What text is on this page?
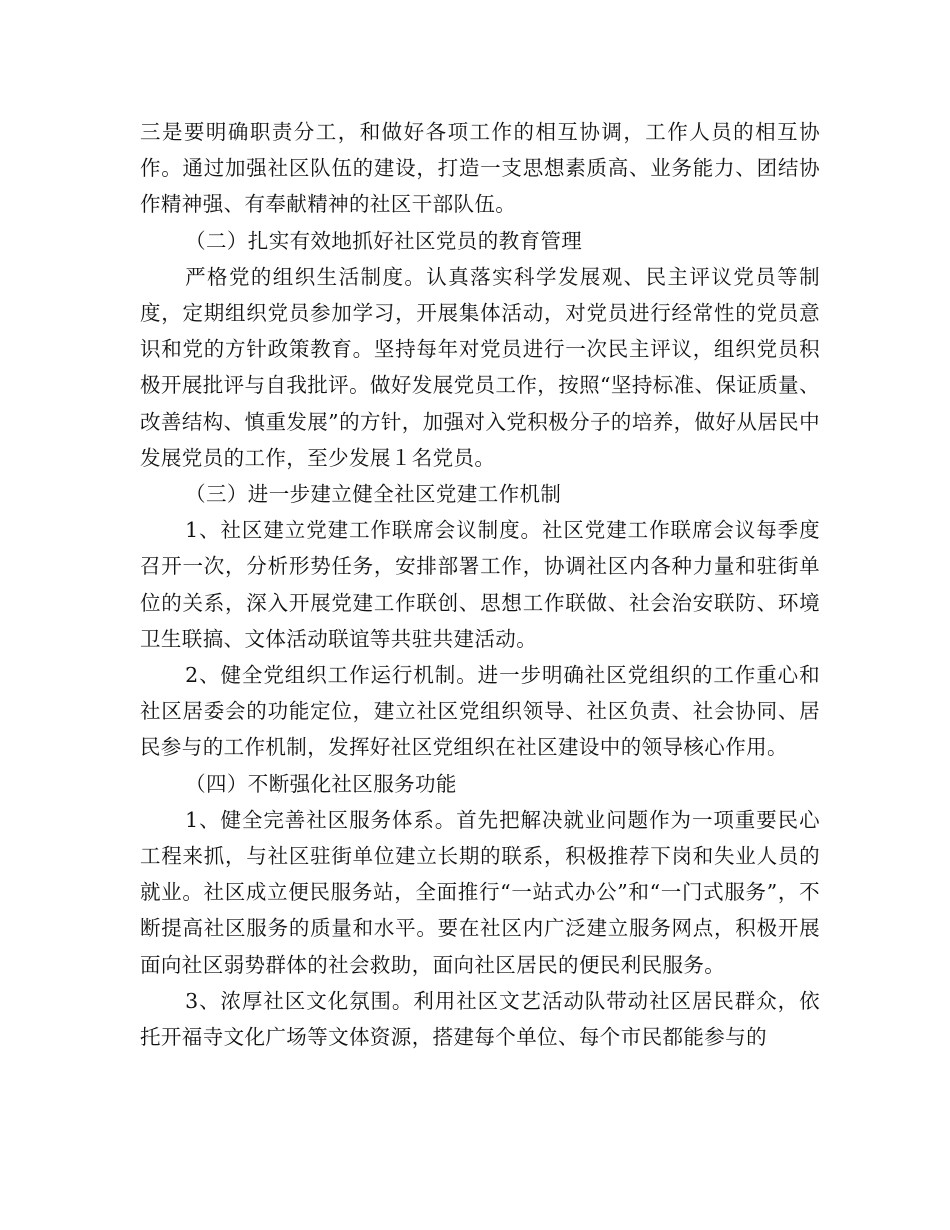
三是要明确职责分工，和做好各项工作的相互协调，工作人员的相互协作。通过加强社区队伍的建设，打造一支思想素质高、业务能力、团结协作精神强、有奉献精神的社区干部队伍。

（二）扎实有效地抓好社区党员的教育管理

严格党的组织生活制度。认真落实科学发展观、民主评议党员等制度，定期组织党员参加学习，开展集体活动，对党员进行经常性的党员意识和党的方针政策教育。坚持每年对党员进行一次民主评议，组织党员积极开展批评与自我批评。做好发展党员工作，按照“坚持标准、保证质量、改善结构、慎重发展”的方针，加强对入党积极分子的培养，做好从居民中发展党员的工作，至少发展１名党员。

（三）进一步建立健全社区党建工作机制

1、社区建立党建工作联席会议制度。社区党建工作联席会议每季度召开一次，分析形势任务，安排部署工作，协调社区内各种力量和驻街单位的关系，深入开展党建工作联创、思想工作联做、社会治安联防、环境卫生联搞、文体活动联谊等共驻共建活动。

2、健全党组织工作运行机制。进一步明确社区党组织的工作重心和社区居委会的功能定位，建立社区党组织领导、社区负责、社会协同、居民参与的工作机制，发挥好社区党组织在社区建设中的领导核心作用。

（四）不断强化社区服务功能

1、健全完善社区服务体系。首先把解决就业问题作为一项重要民心工程来抓，与社区驻街单位建立长期的联系，积极推荐下岗和失业人员的就业。社区成立便民服务站，全面推行“一站式办公”和“一门式服务”，不断提高社区服务的质量和水平。要在社区内广泛建立服务网点，积极开展面向社区弱势群体的社会救助，面向社区居民的便民利民服务。

3、浓厚社区文化氛围。利用社区文艺活动队带动社区居民群众，依托开福寺文化广场等文体资源，搭建每个单位、每个市民都能参与的
